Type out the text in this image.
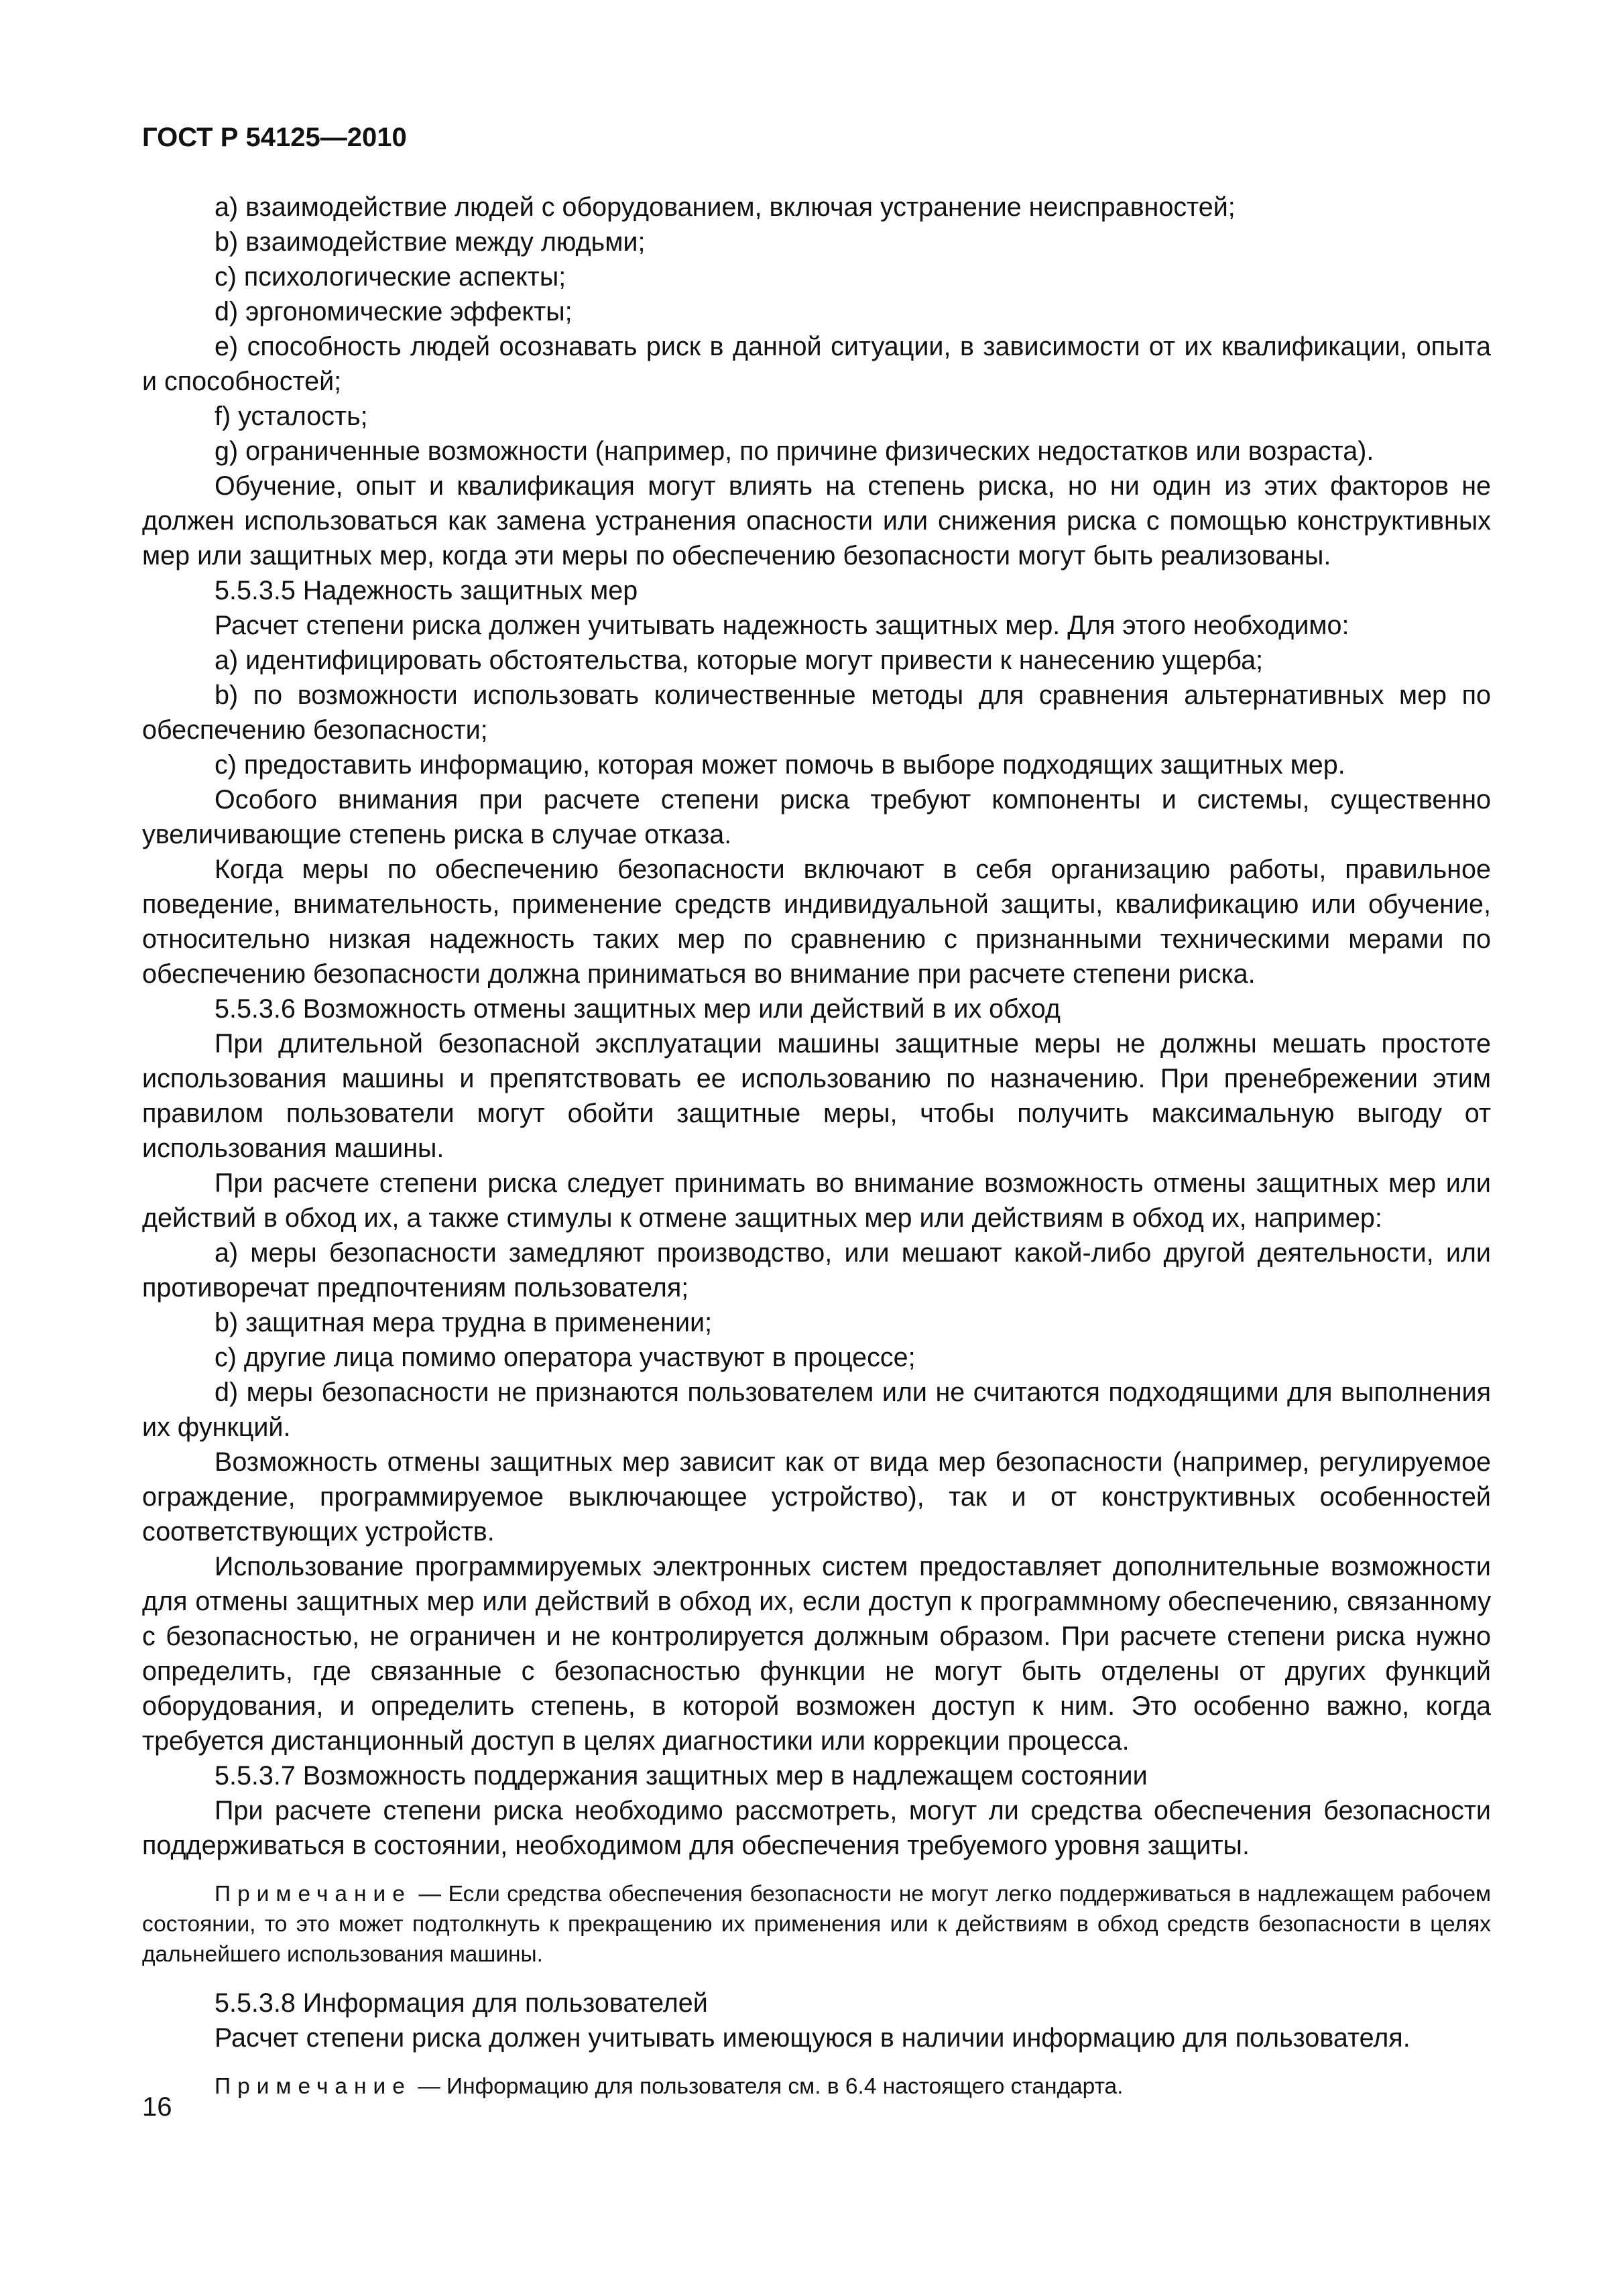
ГОСТ Р 54125—2010

а) взаимодействие людей с оборудованием, включая устранение неисправностей;

b) взаимодействие между людьми;

c) психологические аспекты;

d) эргономические эффекты;

e) способность людей осознавать риск в данной ситуации, в зависимости от их квалификации, опыта и способностей;

f) усталость;

g) ограниченные возможности (например, по причине физических недостатков или возраста).

Обучение, опыт и квалификация могут влиять на степень риска, но ни один из этих факторов не должен использоваться как замена устранения опасности или снижения риска с помощью конструктивных мер или защитных мер, когда эти меры по обеспечению безопасности могут быть реализованы.

5.5.3.5 Надежность защитных мер

Расчет степени риска должен учитывать надежность защитных мер. Для этого необходимо:

а) идентифицировать обстоятельства, которые могут привести к нанесению ущерба;

b) по возможности использовать количественные методы для сравнения альтернативных мер по обеспечению безопасности;

c) предоставить информацию, которая может помочь в выборе подходящих защитных мер.

Особого внимания при расчете степени риска требуют компоненты и системы, существенно увеличивающие степень риска в случае отказа.

Когда меры по обеспечению безопасности включают в себя организацию работы, правильное поведение, внимательность, применение средств индивидуальной защиты, квалификацию или обучение, относительно низкая надежность таких мер по сравнению с признанными техническими мерами по обеспечению безопасности должна приниматься во внимание при расчете степени риска.

5.5.3.6 Возможность отмены защитных мер или действий в их обход

При длительной безопасной эксплуатации машины защитные меры не должны мешать простоте использования машины и препятствовать ее использованию по назначению. При пренебрежении этим правилом пользователи могут обойти защитные меры, чтобы получить максимальную выгоду от использования машины.

При расчете степени риска следует принимать во внимание возможность отмены защитных мер или действий в обход их, а также стимулы к отмене защитных мер или действиям в обход их, например:

а) меры безопасности замедляют производство, или мешают какой-либо другой деятельности, или противоречат предпочтениям пользователя;

b) защитная мера трудна в применении;

c) другие лица помимо оператора участвуют в процессе;

d) меры безопасности не признаются пользователем или не считаются подходящими для выполнения их функций.

Возможность отмены защитных мер зависит как от вида мер безопасности (например, регулируемое ограждение, программируемое выключающее устройство), так и от конструктивных особенностей соответствующих устройств.

Использование программируемых электронных систем предоставляет дополнительные возможности для отмены защитных мер или действий в обход их, если доступ к программному обеспечению, связанному с безопасностью, не ограничен и не контролируется должным образом. При расчете степени риска нужно определить, где связанные с безопасностью функции не могут быть отделены от других функций оборудования, и определить степень, в которой возможен доступ к ним. Это особенно важно, когда требуется дистанционный доступ в целях диагностики или коррекции процесса.

5.5.3.7 Возможность поддержания защитных мер в надлежащем состоянии

При расчете степени риска необходимо рассмотреть, могут ли средства обеспечения безопасности поддерживаться в состоянии, необходимом для обеспечения требуемого уровня защиты.

Примечание — Если средства обеспечения безопасности не могут легко поддерживаться в надлежащем рабочем состоянии, то это может подтолкнуть к прекращению их применения или к действиям в обход средств безопасности в целях дальнейшего использования машины.

5.5.3.8 Информация для пользователей

Расчет степени риска должен учитывать имеющуюся в наличии информацию для пользователя.

Примечание — Информацию для пользователя см. в 6.4 настоящего стандарта.
16
